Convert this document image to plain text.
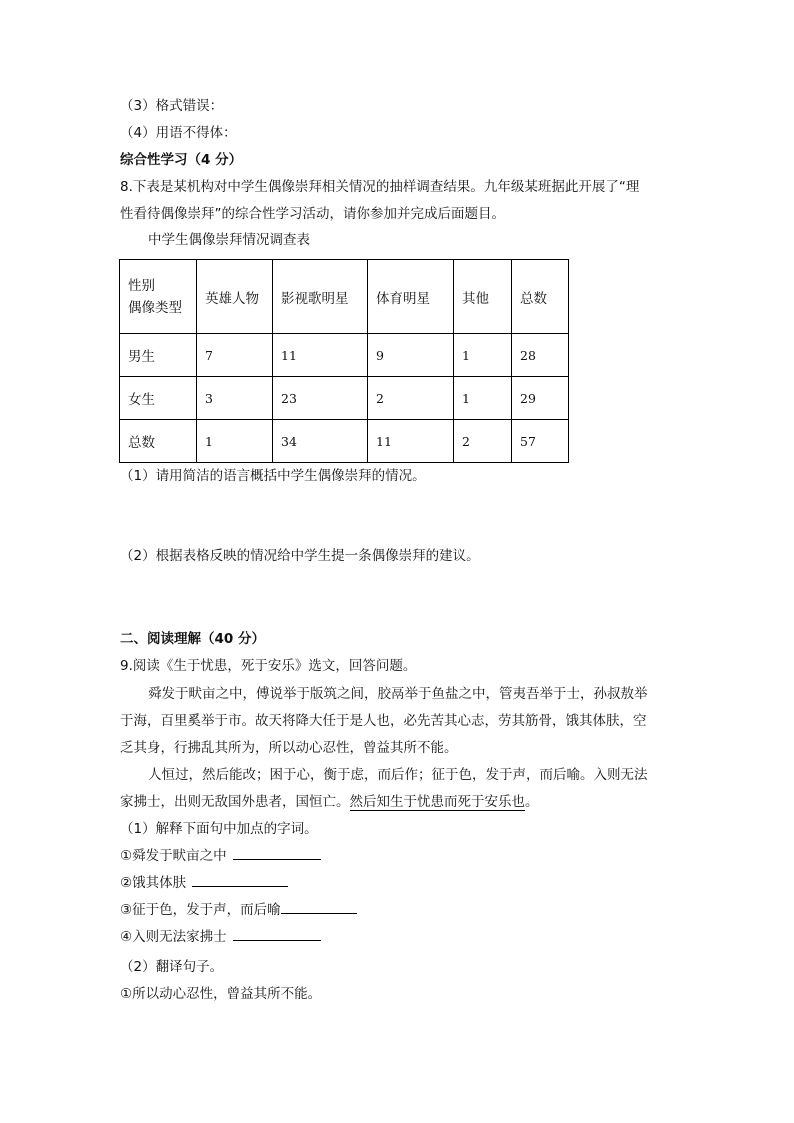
（3）格式错误：
（4）用语不得体：
综合性学习（4 分）
8.下表是某机构对中学生偶像崇拜相关情况的抽样调查结果。九年级某班据此开展了“理
性看待偶像崇拜”的综合性学习活动，请你参加并完成后面题目。
中学生偶像崇拜情况调查表
性别
偶像类型	英雄人物	影视歌明星	体育明星	其他	总数
男生	7	11	9	1	28
女生	3	23	2	1	29
总数	1	34	11	2	57
（1）请用简洁的语言概括中学生偶像崇拜的情况。
（2）根据表格反映的情况给中学生提一条偶像崇拜的建议。
二、阅读理解（40 分）
9.阅读《生于忧患，死于安乐》选文，回答问题。
舜发于畎亩之中，傅说举于版筑之间，胶鬲举于鱼盐之中，管夷吾举于士，孙叔敖举
于海，百里奚举于市。故天将降大任于是人也，必先苦其心志，劳其筋骨，饿其体肤，空
乏其身，行拂乱其所为，所以动心忍性，曾益其所不能。
人恒过，然后能改；困于心，衡于虑，而后作；征于色，发于声，而后喻。入则无法
家拂士，出则无敌国外患者，国恒亡。然后知生于忧患而死于安乐也。
（1）解释下面句中加点的字词。
①舜发于畎亩之中
②饿其体肤
③征于色，发于声，而后喻
④入则无法家拂士
（2）翻译句子。
①所以动心忍性，曾益其所不能。
